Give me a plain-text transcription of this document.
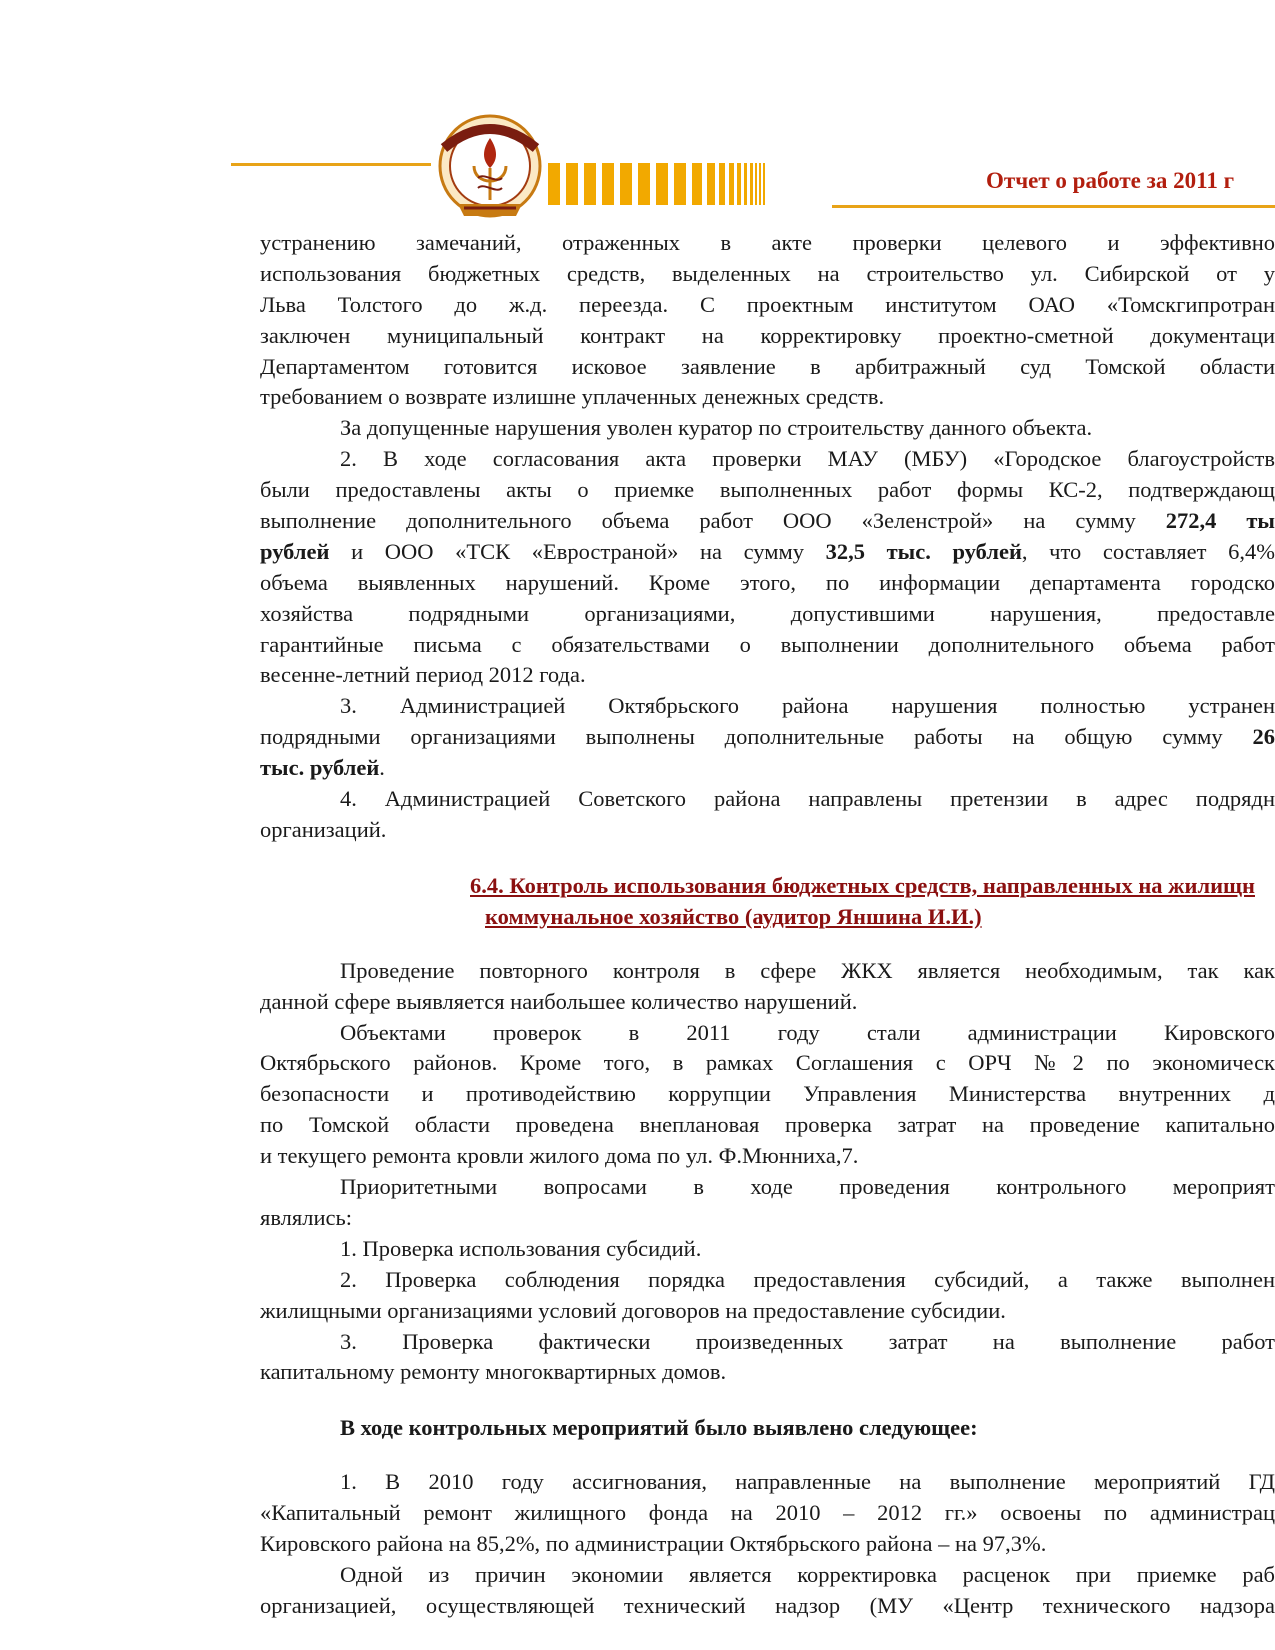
Отчет о работе за 2011 г
устранению замечаний, отраженных в акте проверки целевого и эффективно
использования бюджетных средств, выделенных на строительство ул. Сибирской от у
Льва Толстого до ж.д. переезда. С проектным институтом ОАО «Томскгипротран
заключен муниципальный контракт на корректировку проектно-сметной документаци
Департаментом готовится исковое заявление в арбитражный суд Томской области
требованием о возврате излишне уплаченных денежных средств.
За допущенные нарушения уволен куратор по строительству данного объекта.
2. В ходе согласования акта проверки МАУ (МБУ) «Городское благоустройств
были предоставлены акты о приемке выполненных работ формы КС-2, подтверждающ
выполнение дополнительного объема работ ООО «Зеленстрой» на сумму 272,4 ты
рублей и ООО «ТСК «Евространой» на сумму 32,5 тыс. рублей, что составляет 6,4%
объема выявленных нарушений. Кроме этого, по информации департамента городско
хозяйства подрядными организациями, допустившими нарушения, предоставле
гарантийные письма с обязательствами о выполнении дополнительного объема работ
весенне-летний период 2012 года.
3. Администрацией Октябрьского района нарушения полностью устранен
подрядными организациями выполнены дополнительные работы на общую сумму 26
тыс. рублей.
4. Администрацией Советского района направлены претензии в адрес подрядн
организаций.
6.4. Контроль использования бюджетных средств, направленных на жилищн
коммунальное хозяйство (аудитор Яншина И.И.)
Проведение повторного контроля в сфере ЖКХ является необходимым, так как
данной сфере выявляется наибольшее количество нарушений.
Объектами проверок в 2011 году стали администрации Кировского
Октябрьского районов. Кроме того, в рамках Соглашения с ОРЧ №2 по экономическ
безопасности и противодействию коррупции Управления Министерства внутренних д
по Томской области проведена внеплановая проверка затрат на проведение капитально
и текущего ремонта кровли жилого дома по ул. Ф.Мюнниха,7.
Приоритетными вопросами в ходе проведения контрольного мероприят
являлись:
1. Проверка использования субсидий.
2. Проверка соблюдения порядка предоставления субсидий, а также выполнен
жилищными организациями условий договоров на предоставление субсидии.
3. Проверка фактически произведенных затрат на выполнение работ
капитальному ремонту многоквартирных домов.
В ходе контрольных мероприятий было выявлено следующее:
1. В 2010 году ассигнования, направленные на выполнение мероприятий ГД
«Капитальный ремонт жилищного фонда на 2010 – 2012 гг.» освоены по администрац
Кировского района на 85,2%, по администрации Октябрьского района – на 97,3%.
Одной из причин экономии является корректировка расценок при приемке раб
организацией, осуществляющей технический надзор (МУ «Центр технического надзора
